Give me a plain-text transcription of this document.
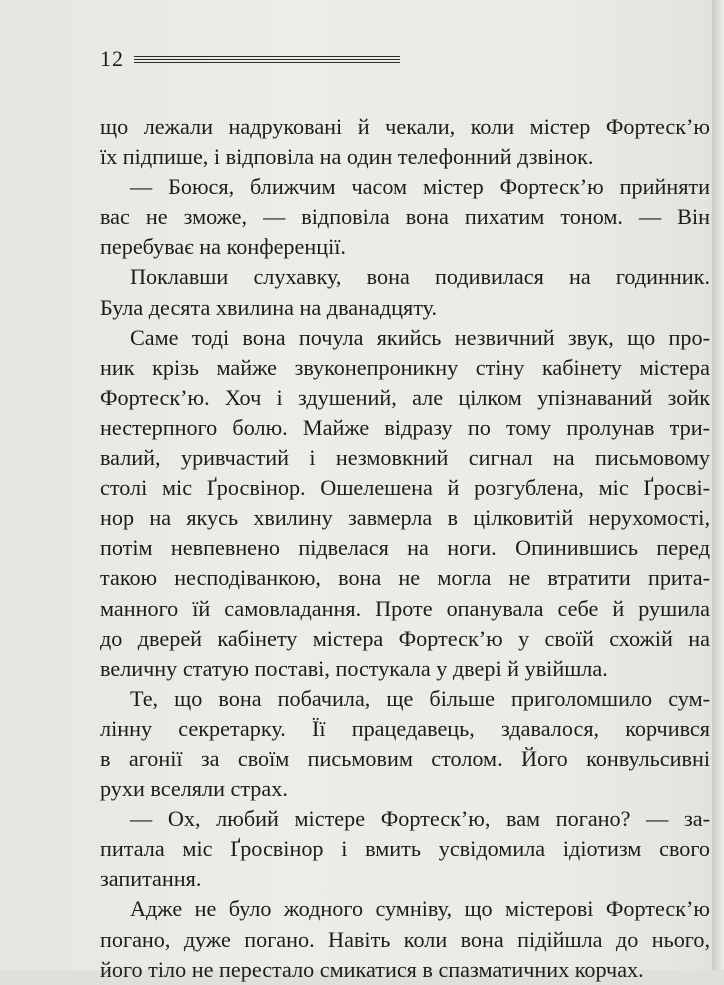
12
що лежали надруковані й чекали, коли містер Фортеск’ю
їх підпише, і відповіла на один телефонний дзвінок.
— Боюся, ближчим часом містер Фортеск’ю прийняти
вас не зможе, — відповіла вона пихатим тоном. — Він
перебуває на конференції.
Поклавши слухавку, вона подивилася на годинник.
Була десята хвилина на дванадцяту.
Саме тоді вона почула якийсь незвичний звук, що про-
ник крізь майже звуконепроникну стіну кабінету містера
Фортеск’ю. Хоч і здушений, але цілком упізнаваний зойк
нестерпного болю. Майже відразу по тому пролунав три-
валий, уривчастий і незмовкний сигнал на письмовому
столі міс Ґросвінор. Ошелешена й розгублена, міс Ґросві-
нор на якусь хвилину завмерла в цілковитій нерухомості,
потім невпевнено підвелася на ноги. Опинившись перед
такою несподіванкою, вона не могла не втратити прита-
манного їй самовладання. Проте опанувала себе й рушила
до дверей кабінету містера Фортеск’ю у своїй схожій на
величну статую поставі, постукала у двері й увійшла.
Те, що вона побачила, ще більше приголомшило сум-
лінну секретарку. Її працедавець, здавалося, корчився
в агонії за своїм письмовим столом. Його конвульсивні
рухи вселяли страх.
— Ох, любий містере Фортеск’ю, вам погано? — за-
питала міс Ґросвінор і вмить усвідомила ідіотизм свого
запитання.
Адже не було жодного сумніву, що містерові Фортеск’ю
погано, дуже погано. Навіть коли вона підійшла до нього,
його тіло не перестало смикатися в спазматичних корчах.
